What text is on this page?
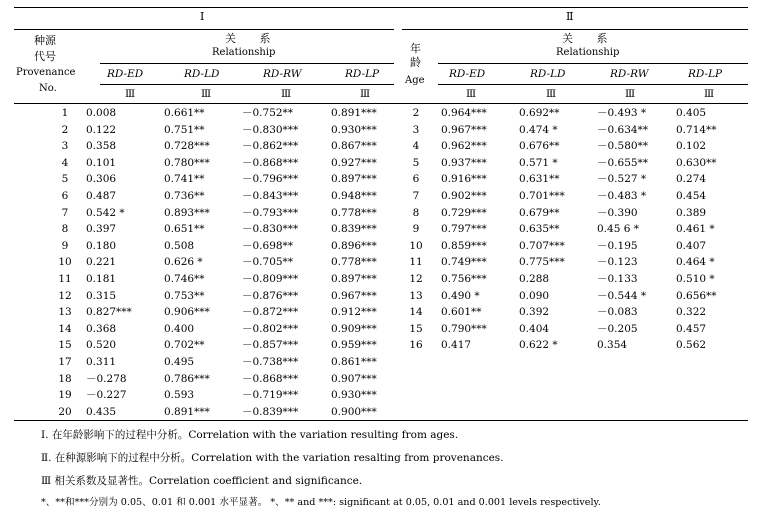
Ⅰ	Ⅱ
种源
代号
Provenance
No.
关 系
Relationship
RD-ED	RD-LD	RD-RW	RD-LP
Ⅲ	Ⅲ	Ⅲ	Ⅲ
年
龄
Age
关 系
Relationship
RD-ED	RD-LD	RD-RW	RD-LP
Ⅲ	Ⅲ	Ⅲ	Ⅲ
1	0.008	0.661**	－0.752**	0.891***
2	0.122	0.751**	－0.830***	0.930***
3	0.358	0.728***	－0.862***	0.867***
4	0.101	0.780***	－0.868***	0.927***
5	0.306	0.741**	－0.796***	0.897***
6	0.487	0.736**	－0.843***	0.948***
7	0.542 *	0.893***	－0.793***	0.778***
8	0.397	0.651**	－0.830***	0.839***
9	0.180	0.508	－0.698**	0.896***
10	0.221	0.626 *	－0.705**	0.778***
11	0.181	0.746**	－0.809***	0.897***
12	0.315	0.753**	－0.876***	0.967***
13	0.827***	0.906***	－0.872***	0.912***
14	0.368	0.400	－0.802***	0.909***
15	0.520	0.702**	－0.857***	0.959***
17	0.311	0.495	－0.738***	0.861***
18	－0.278	0.786***	－0.868***	0.907***
19	－0.227	0.593	－0.719***	0.930***
20	0.435	0.891***	－0.839***	0.900***
2	0.964***	0.692**	－0.493 *	0.405
3	0.967***	0.474 *	－0.634**	0.714**
4	0.962***	0.676**	－0.580**	0.102
5	0.937***	0.571 *	－0.655**	0.630**
6	0.916***	0.631**	－0.527 *	0.274
7	0.902***	0.701***	－0.483 *	0.454
8	0.729***	0.679**	－0.390	0.389
9	0.797***	0.635**	0.45 6 *	0.461 *
10	0.859***	0.707***	－0.195	0.407
11	0.749***	0.775***	－0.123	0.464 *
12	0.756***	0.288	－0.133	0.510 *
13	0.490 *	0.090	－0.544 *	0.656**
14	0.601**	0.392	－0.083	0.322
15	0.790***	0.404	－0.205	0.457
16	0.417	0.622 *	0.354	0.562
Ⅰ. 在年龄影响下的过程中分析。Correlation with the variation resulting from ages.
Ⅱ. 在种源影响下的过程中分析。Correlation with the variation resalting from provenances.
Ⅲ 相关系数及显著性。Correlation coefficient and significance.
*、**和***分别为 0.05、0.01 和 0.001 水平显著。 *、** and ***: significant at 0.05, 0.01 and 0.001 levels respectively.
